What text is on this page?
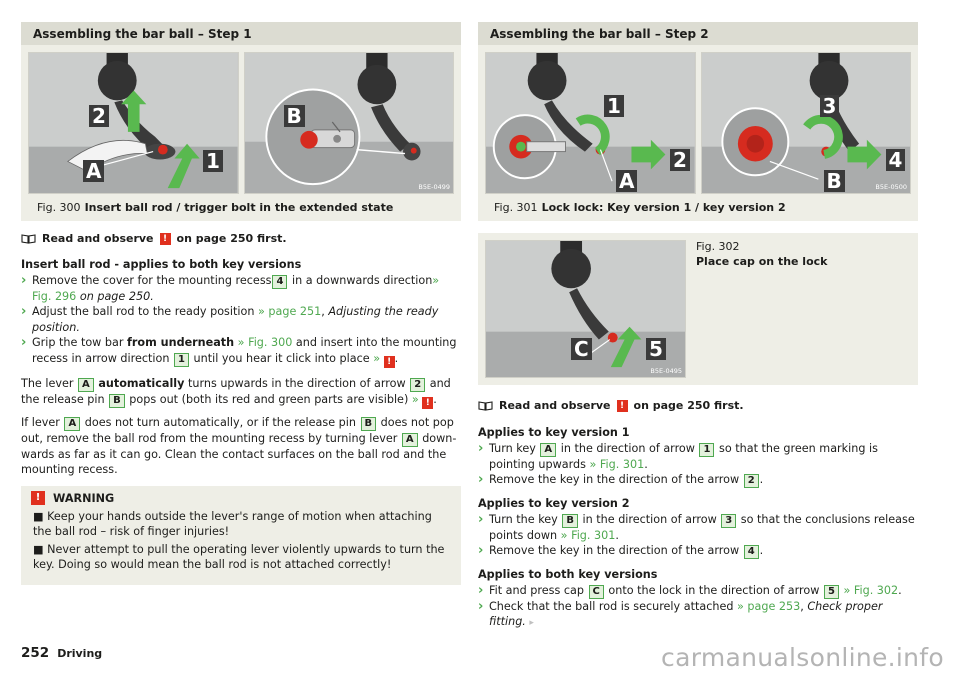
Assembling the bar ball – Step 1
2
A	1
B
B5E-0499
Fig. 300 Insert ball rod / trigger bolt in the extended state
Read and observe	! on page 250 first.

Insert ball rod - applies to both key versions

› Remove the cover for the mounting recess 4 in a downwards direction» Fig. 296 on page 250.
› Adjust the ball rod to the ready position » page 251, Adjusting the ready position.
› Grip the tow bar from underneath » Fig. 300 and insert into the mounting recess in arrow direction 1 until you hear it click into place » ! .

The lever A automatically turns upwards in the direction of arrow 2 and the release pin B pops out (both its red and green parts are visible) » ! .

If lever A does not turn automatically, or if the release pin B does not pop out, remove the ball rod from the mounting recess by turning lever A downwards as far as it can go. Clean the contact surfaces on the ball rod and the mounting recess.

!	WARNING
■ Keep your hands outside the lever's range of motion when attaching the ball rod – risk of finger injuries!
■ Never attempt to pull the operating lever violently upwards to turn the key. Doing so would mean the ball rod is not attached correctly!
Assembling the bar ball – Step 2
1
2
A
3
4
B	B5E-0500
Fig. 301 Lock lock: Key version 1 / key version 2
C	5
B5E-0495
Fig. 302
Place cap on the lock
Read and observe	! on page 250 first.
Applies to key version 1
› Turn key A in the direction of arrow 1 so that the green marking is pointing upwards » Fig. 301.
› Remove the key in the direction of the arrow 2 .
Applies to key version 2
› Turn the key B in the direction of arrow 3 so that the conclusions release points down » Fig. 301.
› Remove the key in the direction of the arrow 4 .
Applies to both key versions
› Fit and press cap C onto the lock in the direction of arrow 5 » Fig. 302.
› Check that the ball rod is securely attached » page 253, Check proper fitting. ▸
252 Driving	carmanualsonline.info
